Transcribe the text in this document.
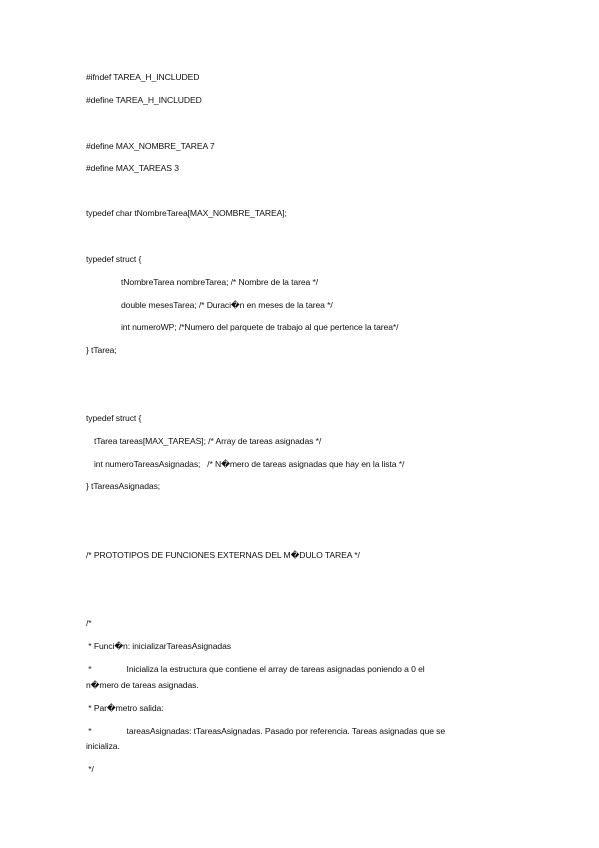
#ifndef TAREA_H_INCLUDED
#define TAREA_H_INCLUDED
#define MAX_NOMBRE_TAREA 7
#define MAX_TAREAS 3
typedef char tNombreTarea[MAX_NOMBRE_TAREA];
typedef struct {
tNombreTarea nombreTarea; /* Nombre de la tarea */
double mesesTarea; /* Duraci�n en meses de la tarea */
int numeroWP; /*Numero del parquete de trabajo al que pertence la tarea*/
} tTarea;
typedef struct {
tTarea tareas[MAX_TAREAS]; /* Array de tareas asignadas */
int numeroTareasAsignadas;   /* N�mero de tareas asignadas que hay en la lista */
} tTareasAsignadas;
/* PROTOTIPOS DE FUNCIONES EXTERNAS DEL M�DULO TAREA */
/*
* Funci�n: inicializarTareasAsignadas
*	Inicializa la estructura que contiene el array de tareas asignadas poniendo a 0 el
n�mero de tareas asignadas.
* Par�metro salida:
*	tareasAsignadas: tTareasAsignadas. Pasado por referencia. Tareas asignadas que se
inicializa.
*/
